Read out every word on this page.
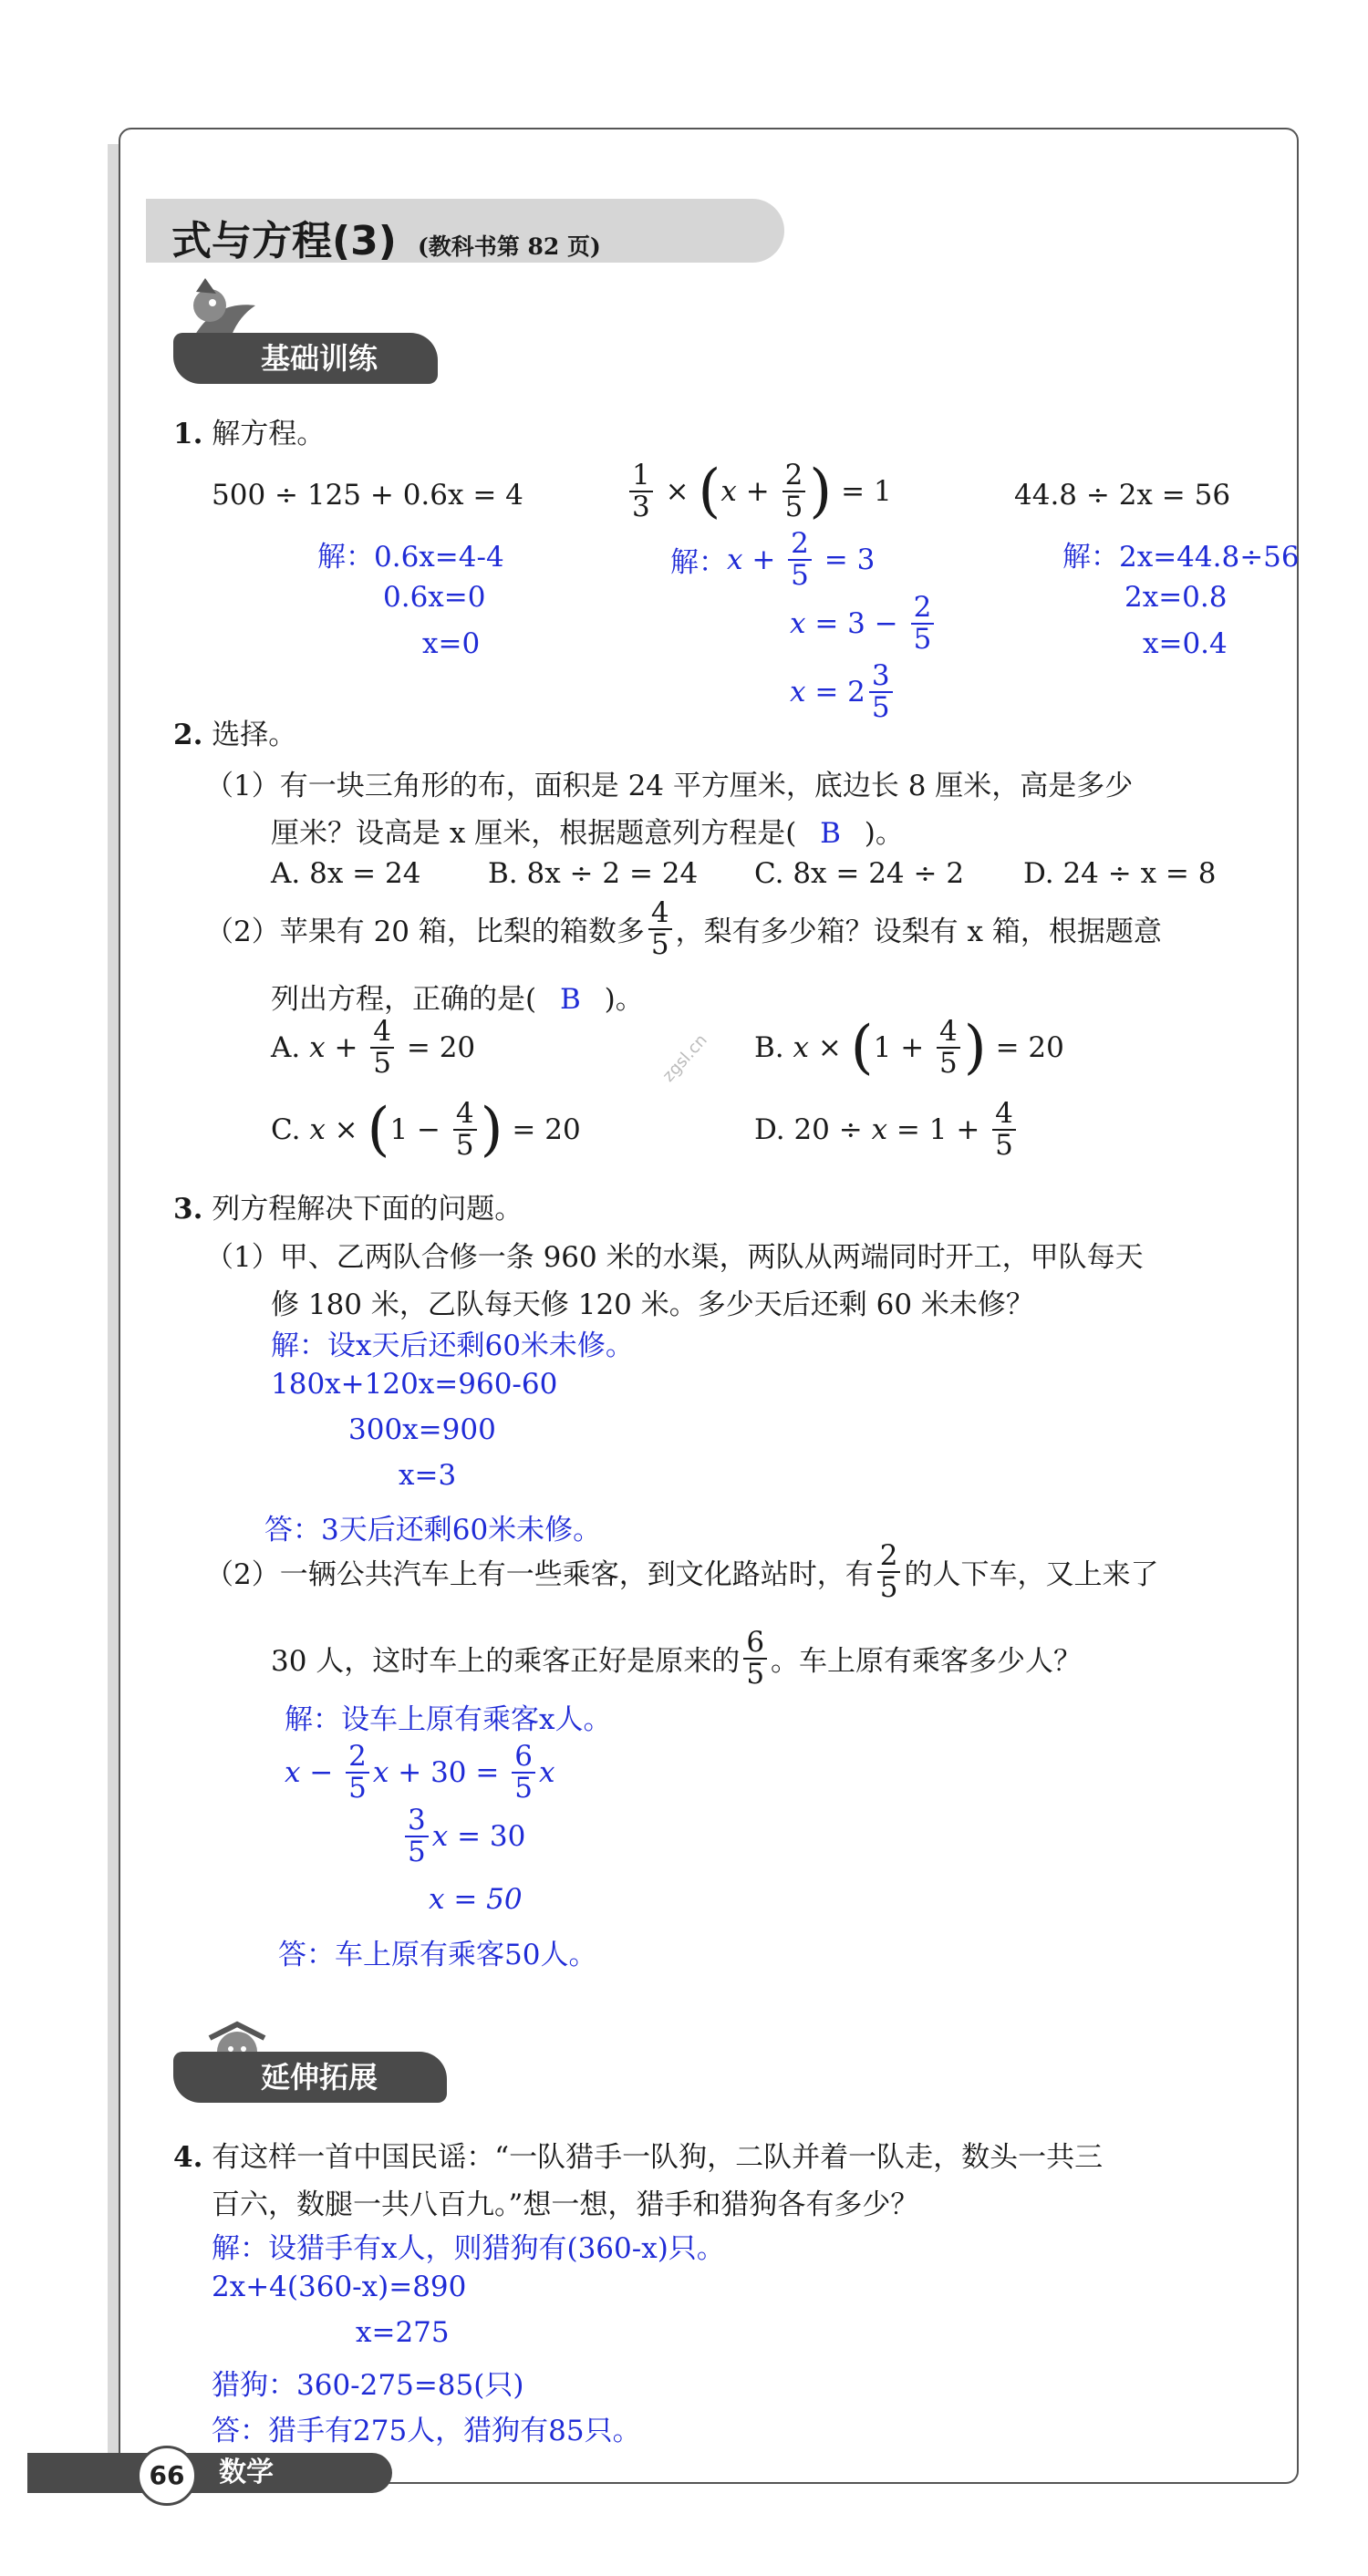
式与方程(3) (教科书第 82 页)
基础训练
1. 解方程。
500 ÷ 125 + 0.6x = 4	$\frac{1}{3}$ × ( $x + \frac{2}{5}$ ) = 1	44.8 ÷ 2x = 56
解：0.6x=4-4
0.6x=0
x=0
解： $x + \frac{2}{5} = 3$
$x = 3 - \frac{2}{5}$
$x = 2 \frac{3}{5}$
解：2x=44.8÷56
2x=0.8
x=0.4
2. 选择。
（1）有一块三角形的布，面积是 24 平方厘米，底边长 8 厘米，高是多少
厘米？设高是 x 厘米，根据题意列方程是( B )。
A. 8x = 24 B. 8x ÷ 2 = 24 C. 8x = 24 ÷ 2 D. 24 ÷ x = 8
（2）苹果有 20 箱，比梨的箱数多 $\frac{4}{5}$ ，梨有多少箱？设梨有 x 箱，根据题意
列出方程，正确的是( B )。
zgsl.cn
A. $x + \frac{4}{5} = 20$	B. x × ( $1 + \frac{4}{5}$ ) = 20
C. x × ( $1 - \frac{4}{5}$ ) = 20	D. $20 \div x = 1 + \frac{4}{5}$
3. 列方程解决下面的问题。
（1）甲、乙两队合修一条 960 米的水渠，两队从两端同时开工，甲队每天
修 180 米，乙队每天修 120 米。多少天后还剩 60 米未修？
解：设x天后还剩60米未修。
180x+120x=960-60
300x=900
x=3
答：3天后还剩60米未修。
（2）一辆公共汽车上有一些乘客，到文化路站时，有 $\frac{2}{5}$ 的人下车，又上来了
30 人，这时车上的乘客正好是原来的 $\frac{6}{5}$ 。车上原有乘客多少人？
解：设车上原有乘客x人。
$x - \frac{2}{5}$ $x + 30 = \frac{6}{5}$ x
$\frac{3}{5}$ x = 30
x = 50
答：车上原有乘客50人。
延伸拓展
4. 有这样一首中国民谣：“一队猎手一队狗，二队并着一队走，数头一共三
百六，数腿一共八百九。”想一想，猎手和猎狗各有多少？
解：设猎手有x人，则猎狗有(360-x)只。
2x+4(360-x)=890
x=275
猎狗：360-275=85(只)
答：猎手有275人，猎狗有85只。
66	数学
